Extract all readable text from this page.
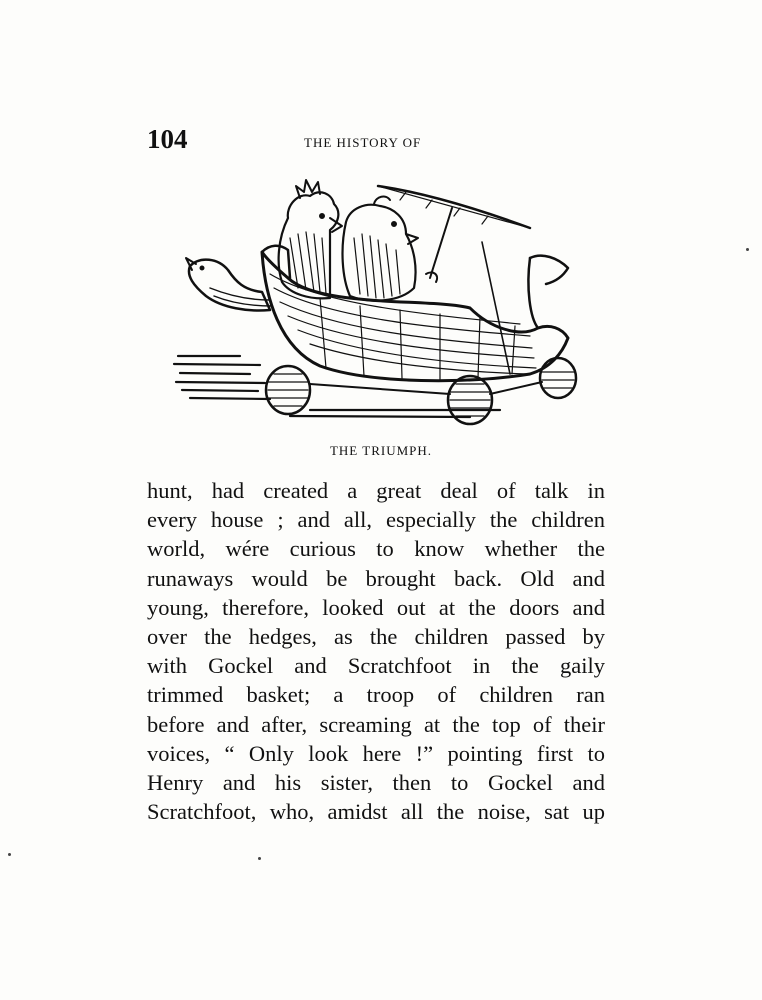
104	THE HISTORY OF
THE TRIUMPH.
hunt, had created a great deal of talk in
every house ; and all, especially the children
world, wére curious to know whether the
runaways would be brought back. Old and
young, therefore, looked out at the doors and
over the hedges, as the children passed by
with Gockel and Scratchfoot in the gaily
trimmed basket; a troop of children ran
before and after, screaming at the top of their
voices, “ Only look here !” pointing first to
Henry and his sister, then to Gockel and
Scratchfoot, who, amidst all the noise, sat up
